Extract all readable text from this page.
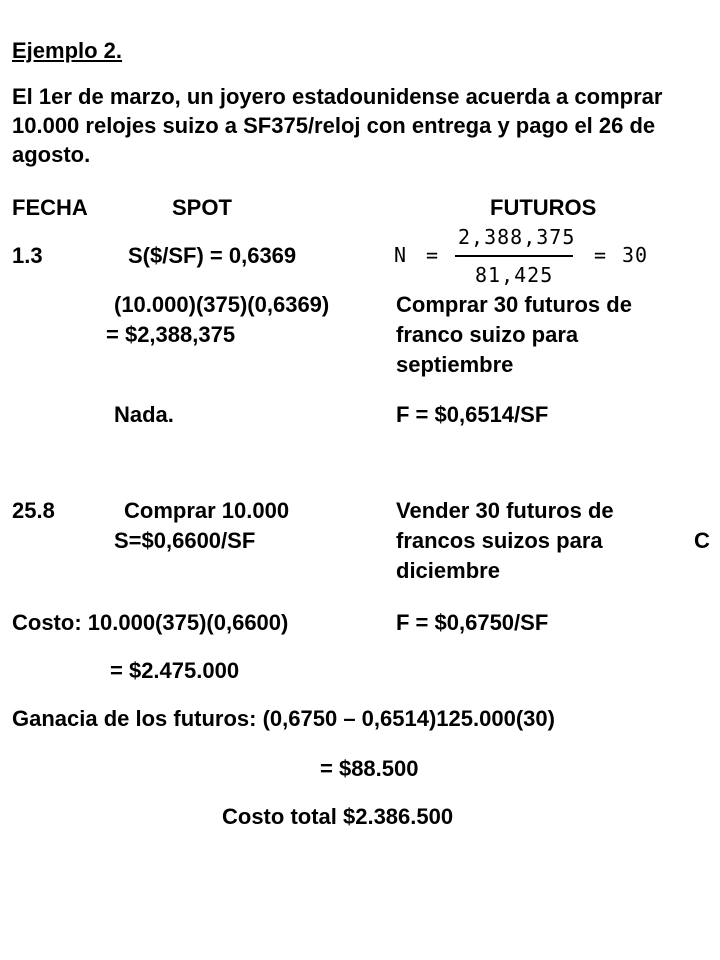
Ejemplo 2.
El 1er de marzo, un joyero estadounidense acuerda a comprar 10.000 relojes suizo a SF375/reloj con entrega y pago el 26 de agosto.
FECHA	SPOT	FUTUROS
1.3	S($/SF) = 0,6369	N =
2,388,375
81,425
= 30
(10.000)(375)(0,6369)
= $2,388,375
Comprar 30 futuros de
franco suizo para
septiembre
Nada.	F = $0,6514/SF
25.8	Comprar 10.000
S=$0,6600/SF
Vender 30 futuros de
francos suizos para	C
diciembre
Costo: 10.000(375)(0,6600)	F = $0,6750/SF
= $2.475.000
Ganacia de los futuros: (0,6750 – 0,6514)125.000(30)
= $88.500
Costo total $2.386.500
